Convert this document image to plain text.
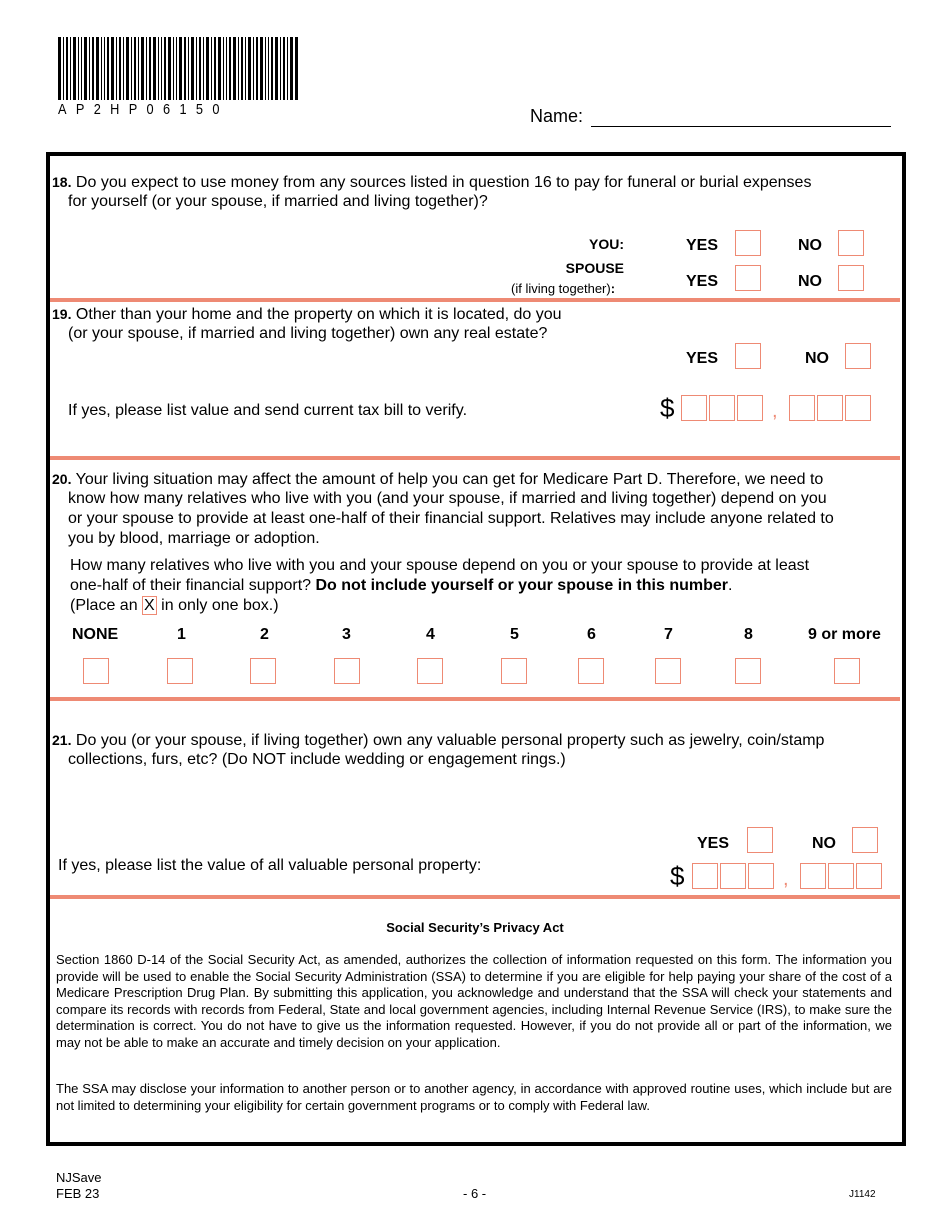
AP2HP06150	Name:
18. Do you expect to use money from any sources listed in question 16 to pay for funeral or burial expenses
for yourself (or your spouse, if married and living together)?
YOU:	YES	NO
SPOUSE
(if living together):	YES	NO
19. Other than your home and the property on which it is located, do you
(or your spouse, if married and living together) own any real estate?
YES	NO
If yes, please list value and send current tax bill to verify.	$	,
20. Your living situation may affect the amount of help you can get for Medicare Part D. Therefore, we need to
know how many relatives who live with you (and your spouse, if married and living together) depend on you
or your spouse to provide at least one-half of their financial support. Relatives may include anyone related to
you by blood, marriage or adoption.
How many relatives who live with you and your spouse depend on you or your spouse to provide at least
one-half of their financial support? Do not include yourself or your spouse in this number.
(Place an X in only one box.)
NONE	1	2	3	4	5	6	7	8	9 or more
21. Do you (or your spouse, if living together) own any valuable personal property such as jewelry, coin/stamp
collections, furs, etc? (Do NOT include wedding or engagement rings.)
YES	NO
If yes, please list the value of all valuable personal property:	$	,
Social Security’s Privacy Act
Section 1860 D-14 of the Social Security Act, as amended, authorizes the collection of information requested on this form. The information you provide will be used to enable the Social Security Administration (SSA) to determine if you are eligible for help paying your share of the cost of a Medicare Prescription Drug Plan. By submitting this application, you acknowledge and understand that the SSA will check your statements and compare its records with records from Federal, State and local government agencies, including Internal Revenue Service (IRS), to make sure the determination is correct. You do not have to give us the information requested. However, if you do not provide all or part of the information, we may not be able to make an accurate and timely decision on your application.
The SSA may disclose your information to another person or to another agency, in accordance with approved routine uses, which include but are not limited to determining your eligibility for certain government programs or to comply with Federal law.
NJSave
FEB 23	- 6 -	J1142
